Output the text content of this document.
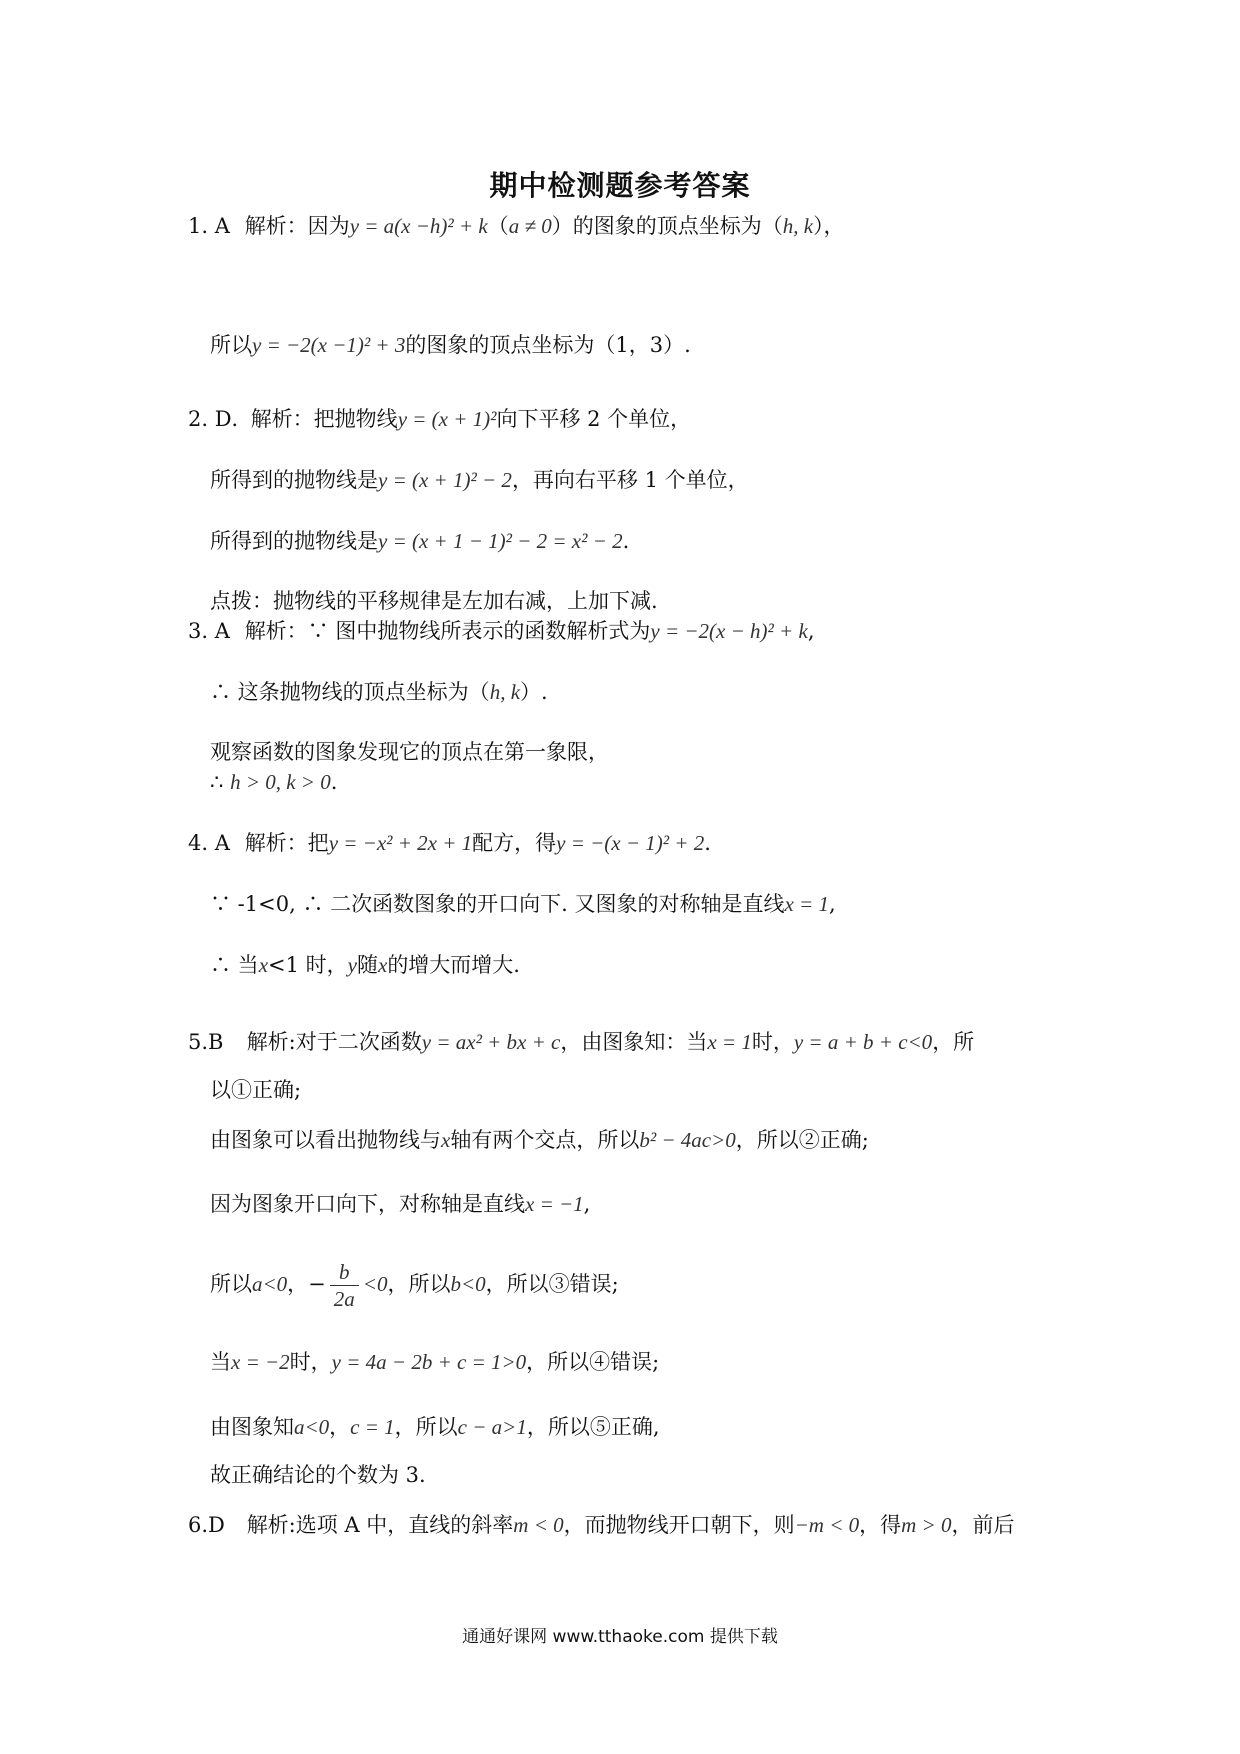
期中检测题参考答案
1. A 解析：因为y = a(x −h)² + k（a ≠ 0）的图象的顶点坐标为（h, k），
所以y = −2(x −1)² + 3的图象的顶点坐标为（1，3）.
2. D． 解析：把抛物线y = (x + 1)²向下平移 2 个单位，
所得到的抛物线是y = (x + 1)² − 2，再向右平移 1 个单位，
所得到的抛物线是y = (x + 1 − 1)² − 2 = x² − 2.
点拨：抛物线的平移规律是左加右减，上加下减.
3. A 解析：∵ 图中抛物线所表示的函数解析式为y = −2(x − h)² + k,
∴ 这条抛物线的顶点坐标为（h, k）.
观察函数的图象发现它的顶点在第一象限，
∴ h > 0, k > 0.
4. A 解析：把y = −x² + 2x + 1配方，得y = −(x − 1)² + 2.
∵ -1<0, ∴ 二次函数图象的开口向下. 又图象的对称轴是直线x = 1,
∴ 当x<1 时，y随x的增大而增大.
5.B 解析:对于二次函数y = ax² + bx + c，由图象知：当x = 1时，y = a + b + c<0，所
以①正确;
由图象可以看出抛物线与x轴有两个交点，所以b² − 4ac>0，所以②正确;
因为图象开口向下，对称轴是直线x = −1,
所以a<0，− $\frac{b}{2a} <0$，所以b<0，所以③错误;
当x = −2时，y = 4a − 2b + c = 1>0，所以④错误;
由图象知a<0，c = 1，所以c − a>1，所以⑤正确,
故正确结论的个数为 3.
6.D 解析:选项 A 中，直线的斜率m < 0，而抛物线开口朝下，则−m < 0，得m > 0，前后
通通好课网 www.tthaoke.com 提供下载
